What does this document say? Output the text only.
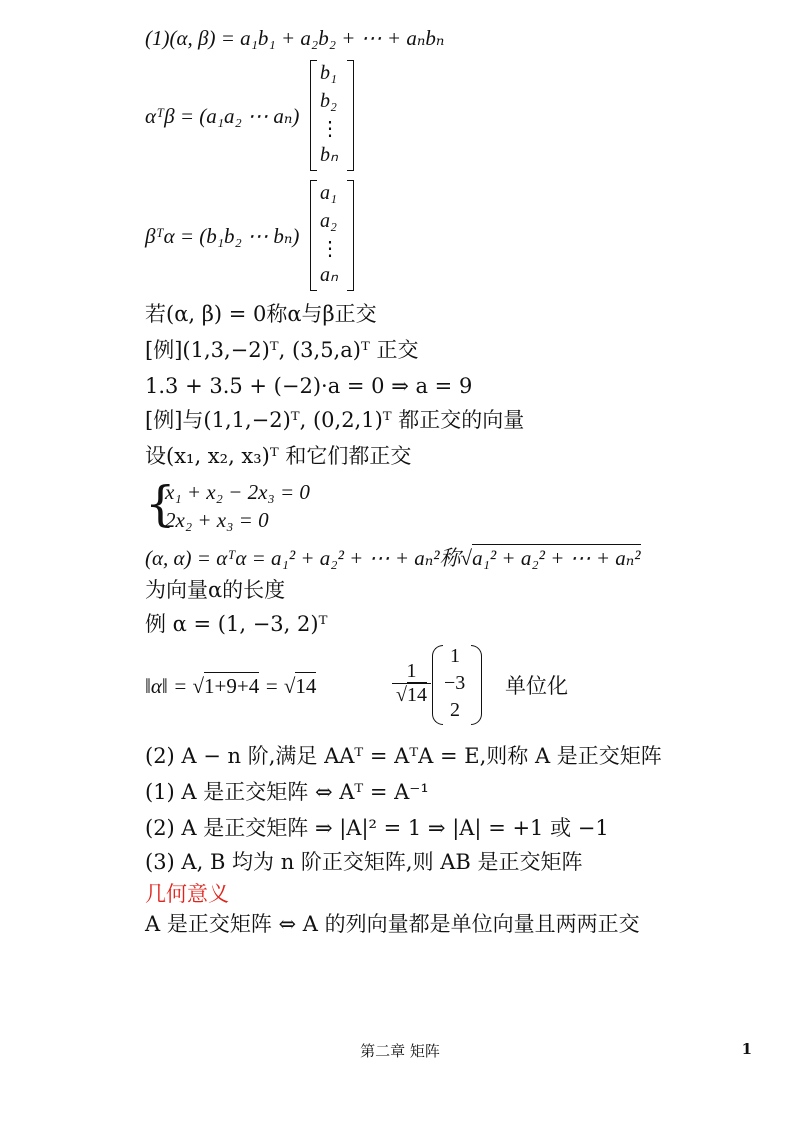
(1)(α, β) = a₁b₁ + a₂b₂ + ⋯ + aₙbₙ
αᵀβ = (a₁a₂ ⋯ aₙ)
b₁
b₂
⋮
bₙ
βᵀα = (b₁b₂ ⋯ bₙ)
a₁
a₂
⋮
aₙ
若(α, β) = 0称α与β正交
[例](1,3,−2)ᵀ, (3,5,a)ᵀ 正交
1.3 + 3.5 + (−2)·a = 0 ⇒ a = 9
[例]与(1,1,−2)ᵀ, (0,2,1)ᵀ 都正交的向量
设(x₁, x₂, x₃)ᵀ 和它们都正交
{
x₁ + x₂ − 2x₃ = 0
2x₂ + x₃ = 0
(α, α) = αᵀα = a₁² + a₂² + ⋯ + aₙ²称√a₁² + a₂² + ⋯ + aₙ²
为向量α的长度
例 α = (1, −3, 2)ᵀ
‖α‖ = √1+9+4 = √14	$\frac{1}{√14}$
1
−3
2
单位化
(2) A − n 阶,满足 AAᵀ = AᵀA = E,则称 A 是正交矩阵
(1) A 是正交矩阵 ⇔ Aᵀ = A⁻¹
(2) A 是正交矩阵 ⇒ |A|² = 1 ⇒ |A| = +1 或 −1
(3) A, B 均为 n 阶正交矩阵,则 AB 是正交矩阵
几何意义
A 是正交矩阵 ⇔ A 的列向量都是单位向量且两两正交
第二章 矩阵	1
